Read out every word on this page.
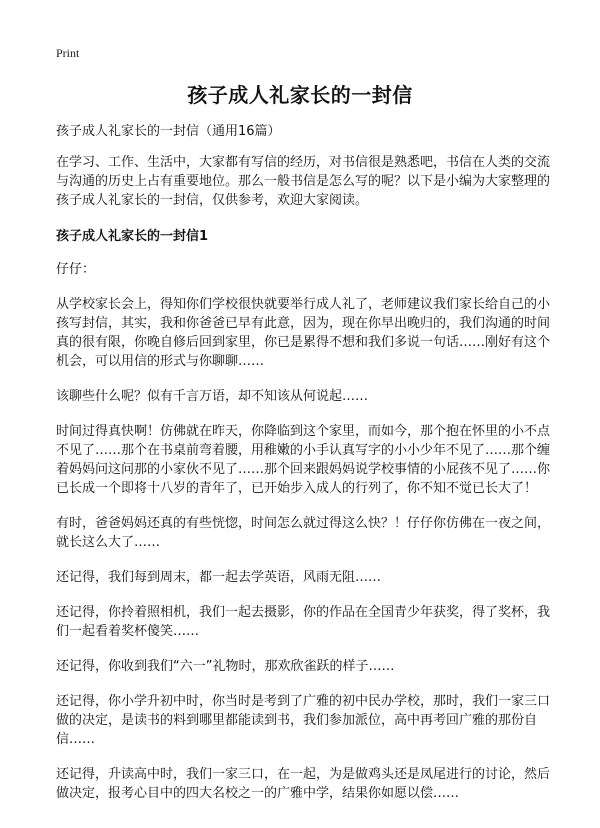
Print
孩子成人礼家长的一封信

孩子成人礼家长的一封信（通用16篇）

在学习、工作、生活中，大家都有写信的经历，对书信很是熟悉吧，书信在人类的交流与沟通的历史上占有重要地位。那么一般书信是怎么写的呢？以下是小编为大家整理的孩子成人礼家长的一封信，仅供参考，欢迎大家阅读。

孩子成人礼家长的一封信1

仔仔：

从学校家长会上，得知你们学校很快就要举行成人礼了，老师建议我们家长给自己的小孩写封信，其实，我和你爸爸已早有此意，因为，现在你早出晚归的，我们沟通的时间真的很有限，你晚自修后回到家里，你已是累得不想和我们多说一句话……刚好有这个机会，可以用信的形式与你聊聊……

该聊些什么呢？似有千言万语，却不知该从何说起……

时间过得真快啊！仿佛就在昨天，你降临到这个家里，而如今，那个抱在怀里的小不点不见了……那个在书桌前弯着腰，用稚嫩的小手认真写字的小小少年不见了……那个缠着妈妈问这问那的小家伙不见了……那个回来跟妈妈说学校事情的小屁孩不见了……你已长成一个即将十八岁的青年了，已开始步入成人的行列了，你不知不觉已长大了！

有时，爸爸妈妈还真的有些恍惚，时间怎么就过得这么快？！仔仔你仿佛在一夜之间，就长这么大了……

还记得，我们每到周末，都一起去学英语，风雨无阻……

还记得，你拎着照相机，我们一起去摄影，你的作品在全国青少年获奖，得了奖杯，我们一起看着奖杯傻笑……

还记得，你收到我们“六一”礼物时，那欢欣雀跃的样子……

还记得，你小学升初中时，你当时是考到了广雅的初中民办学校，那时，我们一家三口做的决定，是读书的料到哪里都能读到书，我们参加派位，高中再考回广雅的那份自信……

还记得，升读高中时，我们一家三口，在一起，为是做鸡头还是凤尾进行的讨论，然后做决定，报考心目中的四大名校之一的广雅中学，结果你如愿以偿……
